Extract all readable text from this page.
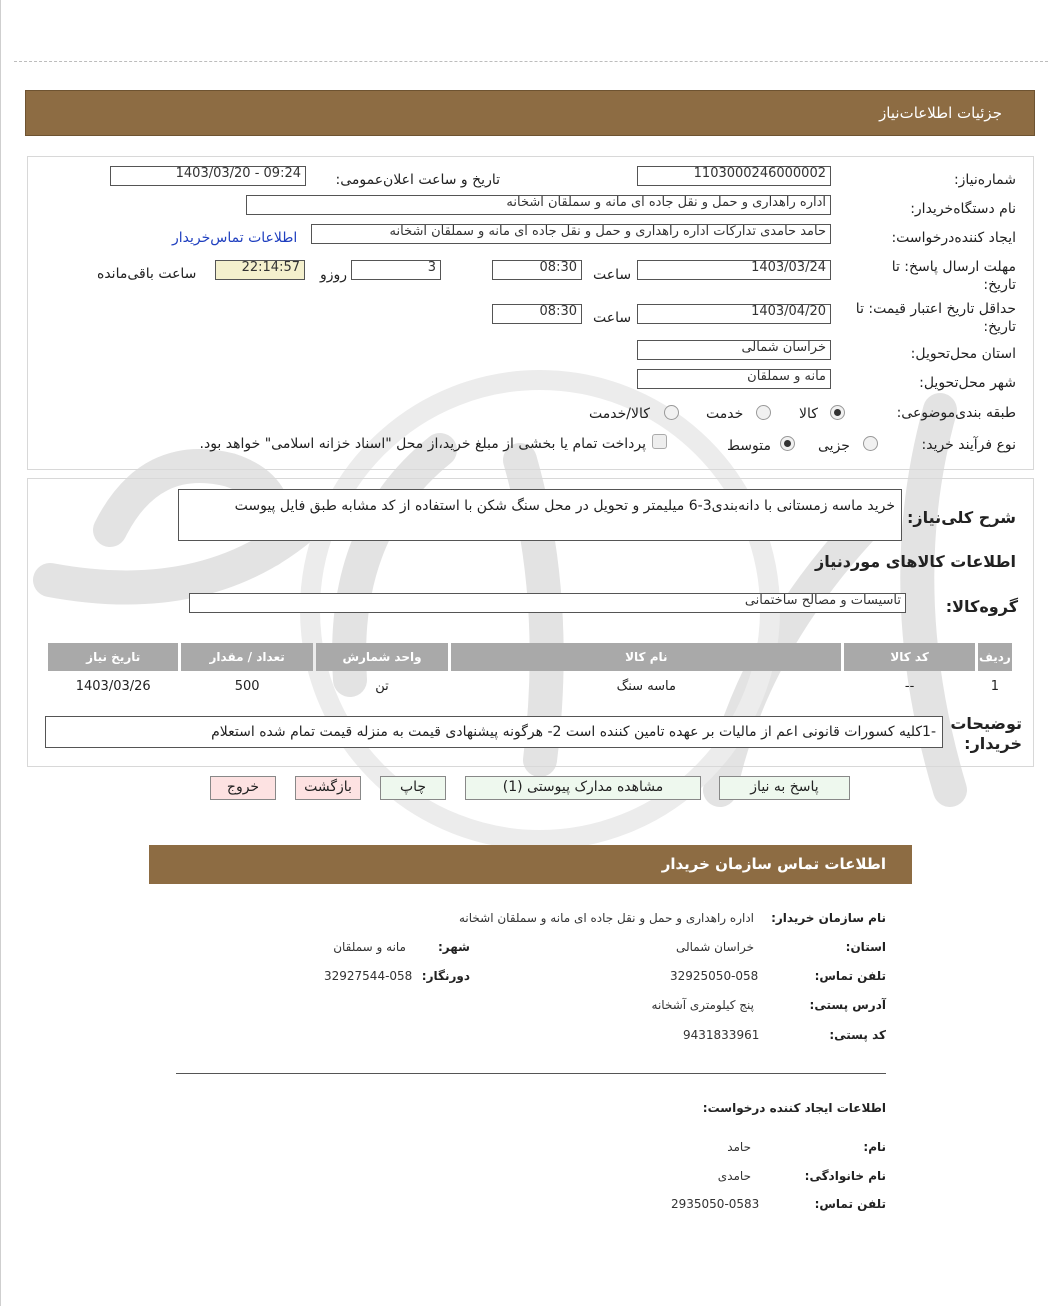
جزئیات اطلاعات‌نیاز
شماره‌نیاز:
1103000246000002
تاریخ و ساعت اعلان‌عمومی:
1403/03/20 - 09:24
نام دستگاه‌خریدار:
اداره راهداری و حمل و نقل جاده ای مانه و سملقان اشخانه
ایجاد کننده‌درخواست:
حامد حامدی تدارکات اداره راهداری و حمل و نقل جاده ای مانه و سملقان اشخانه
اطلاعات تماس‌خریدار
مهلت ارسال پاسخ: تا تاریخ:
1403/03/24
ساعت
08:30
3
روزو
22:14:57
ساعت باقی‌مانده
حداقل تاریخ اعتبار قیمت: تا تاریخ:
1403/04/20
ساعت
08:30
استان محل‌تحویل:
خراسان شمالی
شهر محل‌تحویل:
مانه و سملقان
طبقه بندی‌موضوعی:
کالا
خدمت
کالا/خدمت
نوع فرآیند خرید:
جزیی
متوسط
پرداخت تمام یا بخشی از مبلغ خرید،از محل "اسناد خزانه اسلامی" خواهد بود.
شرح کلی‌نیاز:
خرید ماسه زمستانی با دانه‌بندی3-6 میلیمتر و تحویل در محل سنگ شکن با استفاده از کد مشابه طبق فایل پیوست
اطلاعات کالاهای موردنیاز
گروه‌کالا:
تاسیسات و مصالح ساختمانی
ردیف	کد کالا	نام کالا	واحد شمارش	تعداد / مقدار	تاریخ نیاز
1	--	ماسه سنگ	تن	500	1403/03/26
توضیحات خریدار:
-1کلیه کسورات قانونی اعم از مالیات بر عهده تامین کننده است 2- هرگونه پیشنهادی قیمت به منزله قیمت تمام شده استعلام
پاسخ به نیاز
مشاهده مدارک پیوستی (1)
چاپ
بازگشت
خروج
اطلاعات تماس سازمان خریدار
نام سازمان خریدار:
اداره راهداری و حمل و نقل جاده ای مانه و سملقان اشخانه
استان:
خراسان شمالی
شهر:
مانه و سملقان
تلفن تماس:
32925050-058
دورنگار:
32927544-058
آدرس پستی:
پنج کیلومتری آشخانه
کد پستی:
9431833961
اطلاعات ایجاد کننده درخواست:
نام:
حامد
نام خانوادگی:
حامدی
تلفن تماس:
2935050-0583
